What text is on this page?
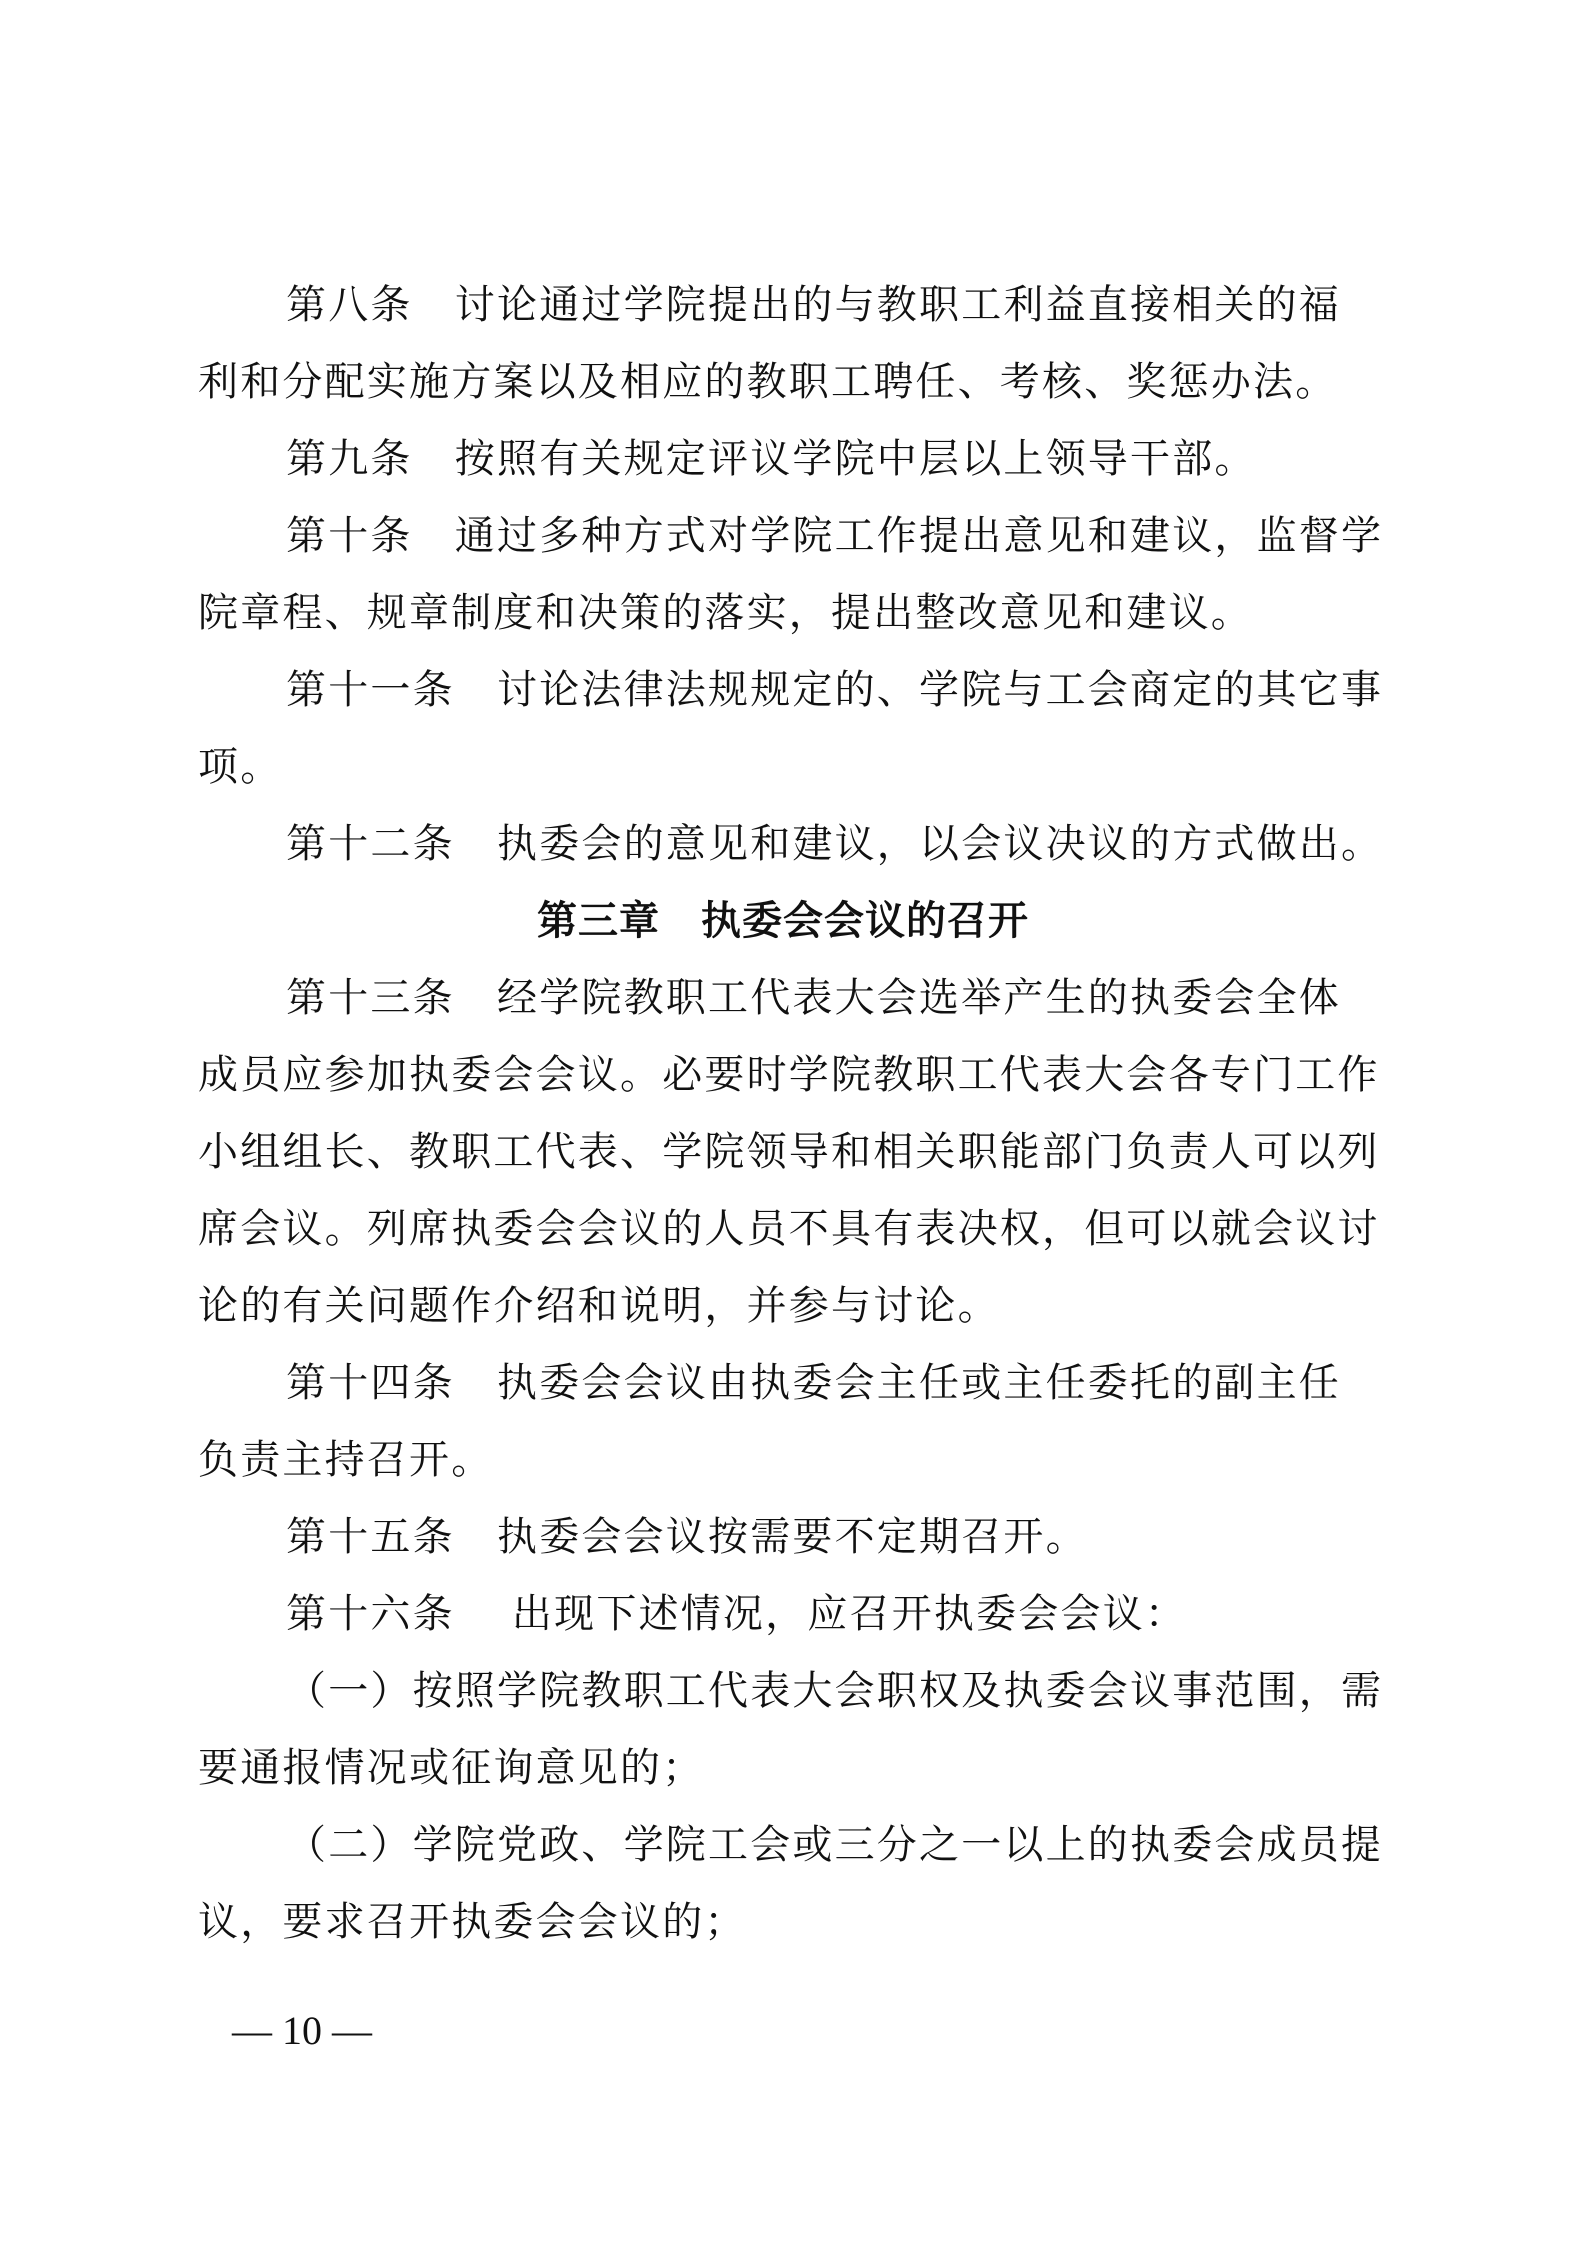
第八条　讨论通过学院提出的与教职工利益直接相关的福
利和分配实施方案以及相应的教职工聘任、考核、奖惩办法。
第九条　按照有关规定评议学院中层以上领导干部。
第十条　通过多种方式对学院工作提出意见和建议，监督学
院章程、规章制度和决策的落实，提出整改意见和建议。
第十一条　讨论法律法规规定的、学院与工会商定的其它事
项。
第十二条　执委会的意见和建议，以会议决议的方式做出。
第三章　执委会会议的召开
第十三条　经学院教职工代表大会选举产生的执委会全体
成员应参加执委会会议。必要时学院教职工代表大会各专门工作
小组组长、教职工代表、学院领导和相关职能部门负责人可以列
席会议。列席执委会会议的人员不具有表决权，但可以就会议讨
论的有关问题作介绍和说明，并参与讨论。
第十四条　执委会会议由执委会主任或主任委托的副主任
负责主持召开。
第十五条　执委会会议按需要不定期召开。
第十六条　 出现下述情况，应召开执委会会议：
（一）按照学院教职工代表大会职权及执委会议事范围，需
要通报情况或征询意见的；
（二）学院党政、学院工会或三分之一以上的执委会成员提
议，要求召开执委会会议的；
— 10 —
